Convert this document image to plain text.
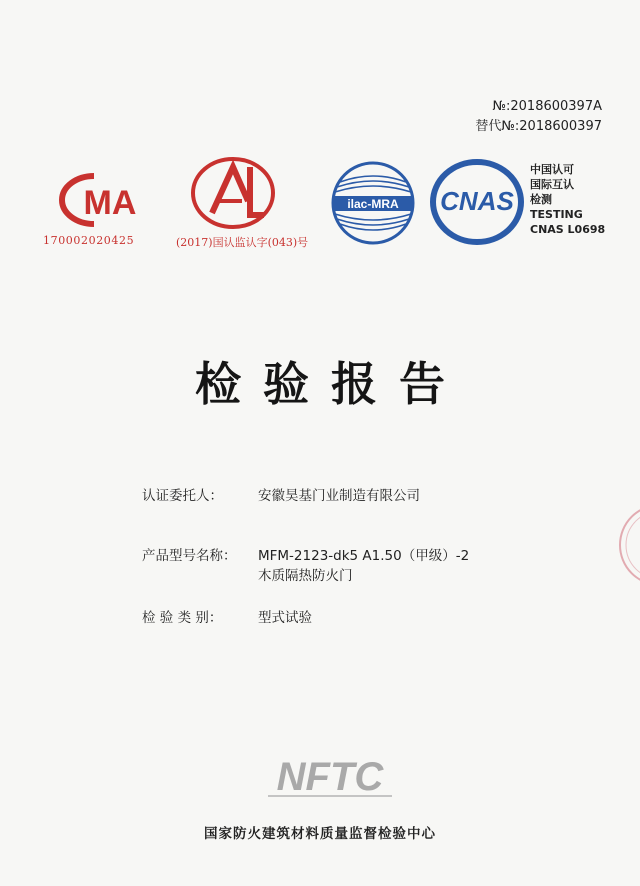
№:2018600397A
替代№:2018600397
MA
170002020425	(2017)国认监认字(043)号
ilac-MRA CNAS
中国认可
国际互认
检测
TESTING
CNAS L0698
检验报告
认证委托人：	安徽昊基门业制造有限公司
产品型号名称： MFM-2123-dk5 A1.50（甲级）-2
木质隔热防火门
检 验 类 别：	型式试验
NFTC
国家防火建筑材料质量监督检验中心
